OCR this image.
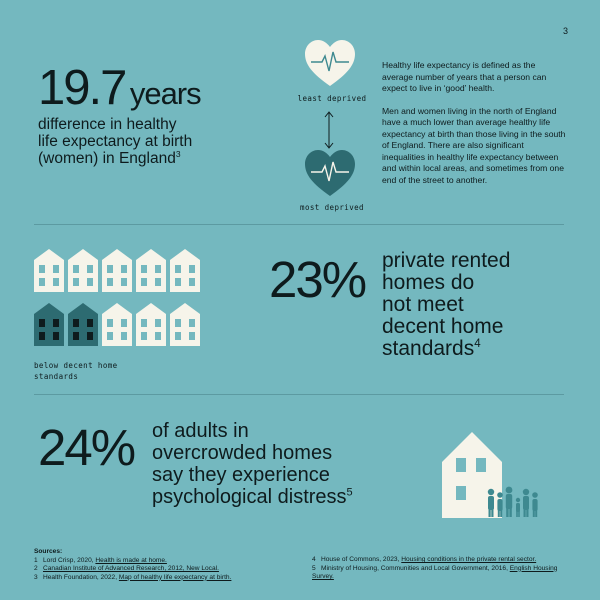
3
19.7 years
difference in healthy
life expectancy at birth
(women) in England$^3$
least deprived
most deprived
Healthy life expectancy is defined as the average number of years that a person can expect to live in ‘good’ health.
Men and women living in the north of England have a much lower than average healthy life expectancy at birth than those living in the south of England. There are also significant inequalities in healthy life expectancy between and within local areas, and sometimes from one end of the street to another.
below decent home standards
23% private rented
homes do
not meet
decent home
standards$^4$
24% of adults in
overcrowded homes
say they experience
psychological distress$^5$
Sources:
1 Lord Crisp, 2020, Health is made at home.
2 Canadian Institute of Advanced Research, 2012, New Local.
3 Health Foundation, 2022, Map of healthy life expectancy at birth.
4 House of Commons, 2023, Housing conditions in the private rental sector.
5 Ministry of Housing, Communities and Local Government, 2016, English Housing Survey.
